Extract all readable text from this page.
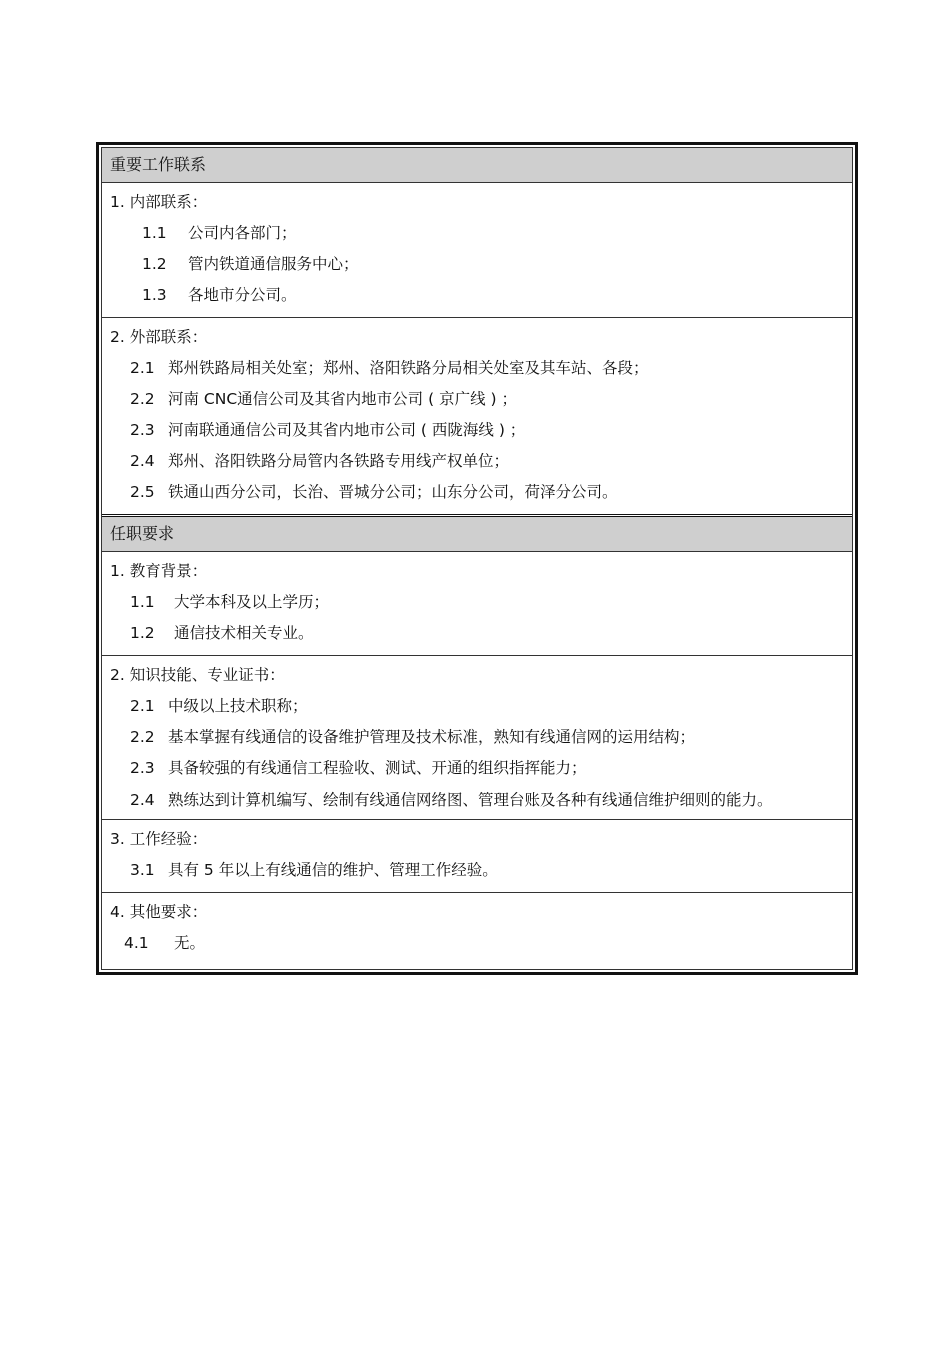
重要工作联系
1. 内部联系：
1.1 公司内各部门；
1.2 管内铁道通信服务中心；
1.3 各地市分公司。
2. 外部联系：
2.1 郑州铁路局相关处室；郑州、洛阳铁路分局相关处室及其车站、各段；
2.2 河南 CNC通信公司及其省内地市公司 ( 京广线 ) ；
2.3 河南联通通信公司及其省内地市公司 ( 西陇海线 ) ；
2.4 郑州、洛阳铁路分局管内各铁路专用线产权单位；
2.5 铁通山西分公司，长治、晋城分公司；山东分公司，荷泽分公司。
任职要求
1. 教育背景：
1.1 大学本科及以上学历；
1.2 通信技术相关专业。
2. 知识技能、专业证书：
2.1 中级以上技术职称；
2.2 基本掌握有线通信的设备维护管理及技术标准，熟知有线通信网的运用结构；
2.3 具备较强的有线通信工程验收、测试、开通的组织指挥能力；
2.4 熟练达到计算机编写、绘制有线通信网络图、管理台账及各种有线通信维护细则的能力。
3. 工作经验：
3.1 具有 5 年以上有线通信的维护、管理工作经验。
4. 其他要求：
4.1 无。
